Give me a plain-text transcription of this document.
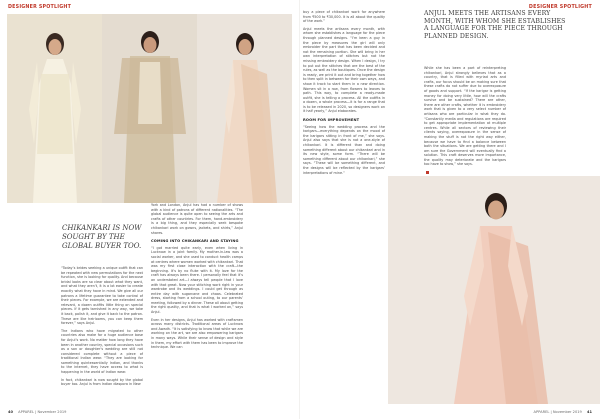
DESIGNER SPOTLIGHT
CHIKANKARI IS NOW SOUGHT BY THE GLOBAL BUYER TOO.

“Today’s brides seeking a unique outfit that can be repeated with new permutations for the next function, she is looking for quality. And because bridal looks are so clear about what they want, and what they aren’t, it is a lot easier to create exactly what they have in mind. We give all our patrons a lifetime guarantee to take control of their pieces. For example, we are extended and relevant, a dozen outfits little thing on special pieces. If it gets tarnished in any way, we take it back, polish it, and give it back to the patron. These are like heirlooms, you can keep them forever,” says Anjul.

The Indians who have migrated to other countries also make for a huge audience base for Anjul’s work. No matter how long they have been in another country, special occasions such as a son or daughter’s wedding are still not considered complete without a piece of traditional Indian wear. “They are looking for something quintessentially Indian, and thanks to the internet, they have access to what is happening in the world of Indian wear.

In fact, chikankari is now sought by the global buyer too. Anjul is from Indian diaspora in New

York and London, Anjul has had a number of shows with a kind of patrons of different nationalities. “The global audience is quite open to seeing the arts and crafts of other countries. For them, hand-embroidery is a big thing, and they especially seek bespoke chikankari work on gowns, jackets, and shirts,” Anjul shares.

COMING INTO CHIKANKARI AND STAYING

“I got married quite early, even when living in Lucknow in a joint family. My mother-in-law was a social worker, and she used to conduct health camps at centres where women worked with chikankari. That was my first close interaction with the craft—the beginning. It’s by no fluke with it. My love for the craft has always been there. I personally feel that it’s an understated art—I always tell people that I love with that great. Now your stitching work right in your wardrobe and its weddings. I could get through as entire day with sugarcane and chaas. Celebrated dress, starting from a school outing, to our parents’ meeting, followed by a dinner. These all about getting the right quality, and that is what I worked on,” says Anjul.

Even in her designs, Anjul has worked with craftsmen across many districts. Traditional areas of Lucknow and Awadh. “It is satisfying to know that while we are working on the art, we are also empowering karigars in many ways. While their sense of design and style in them, my effort with them has been to improve the technique. We can

40 APPAREL | November 2019
DESIGNER SPOTLIGHT

buy a piece of chikankari work for anywhere from ₹500 to ₹30,000. It is all about the quality of the work.”

Anjul meets the artisans every month, with whom she establishes a language for the piece through planned designs. “I’m keen a guy in the piece by measures the girl will only embroider the part that has been decided and not the remaining portion. She will bring in her own interpretation of stitches but not the missing embroidery design. When I design, I try to put out the stitches that are the best of the rules, as well as the boutiques. Once the design is ready, we print it out and bring together how to then split in between for their own ways, and show it track to start them in a new direction. Women sit in a row, from flowers to leaves to path. This way, to complete a ready-made outfit, she is telling a process. All the outfits in a dozen, a whole process—it is for a range that is to be released in 2020, so designers work on it half yearly,” Anjul elaborates.

ROOM FOR IMPROVEMENT

“Seeing how the wedding process and the karigars—everything depends on the mood of the karigars sitting in front of me,” she says. Anjul also says that she is not a one-style of chikankari. It is different than and doing something different about our chikankari and in its new style, some form. “There will be something different about our chikankari,” she says. “These will be something different, and the designs will be reflected by the karigars’ interpretations of mine.”

While she has been a part of reinterpreting chikankari, Anjul strongly believes that as a country, that is filled with myriad arts and crafts, our focus should be on making sure that these crafts do not suffer due to overexposure of goods and support. “If the karigar is getting money for doing very little, how will the crafts survive and be sustained? There are other, there are other crafts, whether it is embroidery work that is given to a very select number of artisans who are particular in what they do. “Constantly media and regulations are required to get appropriate implementation at multiple centres. While all sectors of reviewing their clients saying, overexposure in the sense of making the stuff is not the right way either, because we have to find a balance between both the situations. We are getting there and I am sure the Government will eventually find a solution. This craft deserves more importance, the quality may deteriorate and the karigars too have to show,” she says.

APPAREL | November 2019 41
ANJUL MEETS THE ARTISANS EVERY MONTH, WITH WHOM SHE ESTABLISHES A LANGUAGE FOR THE PIECE THROUGH PLANNED DESIGN.
